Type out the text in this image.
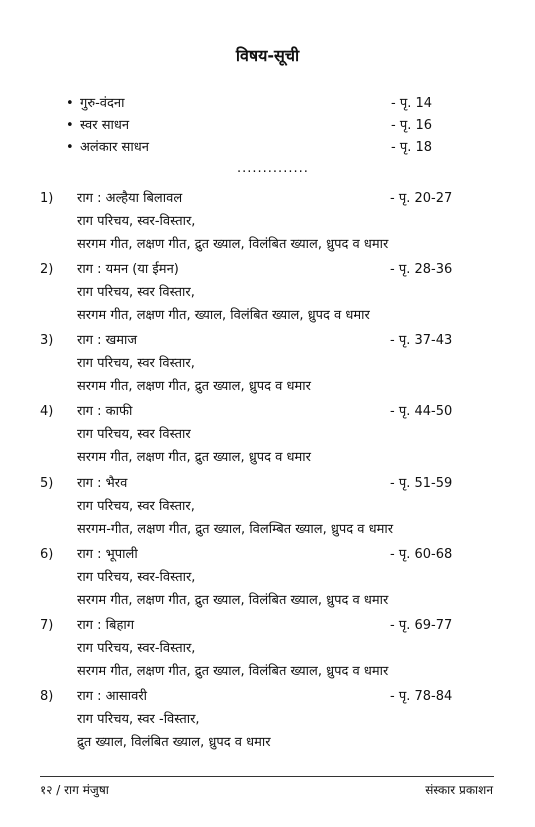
विषय-सूची
• गुरु-वंदना	- पृ. 14
• स्वर साधन	- पृ. 16
• अलंकार साधन	- पृ. 18
..............
1) राग : अल्हैया बिलावल	- पृ. 20-27
राग परिचय, स्वर-विस्तार,
सरगम गीत, लक्षण गीत, द्रुत ख्याल, विलंबित ख्याल, ध्रुपद व धमार
2) राग : यमन (या ईमन)	- पृ. 28-36
राग परिचय, स्वर विस्तार,
सरगम गीत, लक्षण गीत, ख्याल, विलंबित ख्याल, ध्रुपद व धमार
3) राग : खमाज	- पृ. 37-43
राग परिचय, स्वर विस्तार,
सरगम गीत, लक्षण गीत, द्रुत ख्याल, ध्रुपद व धमार
4) राग : काफी	- पृ. 44-50
राग परिचय, स्वर विस्तार
सरगम गीत, लक्षण गीत, द्रुत ख्याल, ध्रुपद व धमार
5) राग : भैरव	- पृ. 51-59
राग परिचय, स्वर विस्तार,
सरगम-गीत, लक्षण गीत, द्रुत ख्याल, विलम्बित ख्याल, ध्रुपद व धमार
6) राग : भूपाली	- पृ. 60-68
राग परिचय, स्वर-विस्तार,
सरगम गीत, लक्षण गीत, द्रुत ख्याल, विलंबित ख्याल, ध्रुपद व धमार
7) राग : बिहाग	- पृ. 69-77
राग परिचय, स्वर-विस्तार,
सरगम गीत, लक्षण गीत, द्रुत ख्याल, विलंबित ख्याल, ध्रुपद व धमार
8) राग : आसावरी	- पृ. 78-84
राग परिचय, स्वर -विस्तार,
द्रुत ख्याल, विलंबित ख्याल, ध्रुपद व धमार
१२ / राग मंजुषा	संस्कार प्रकाशन
